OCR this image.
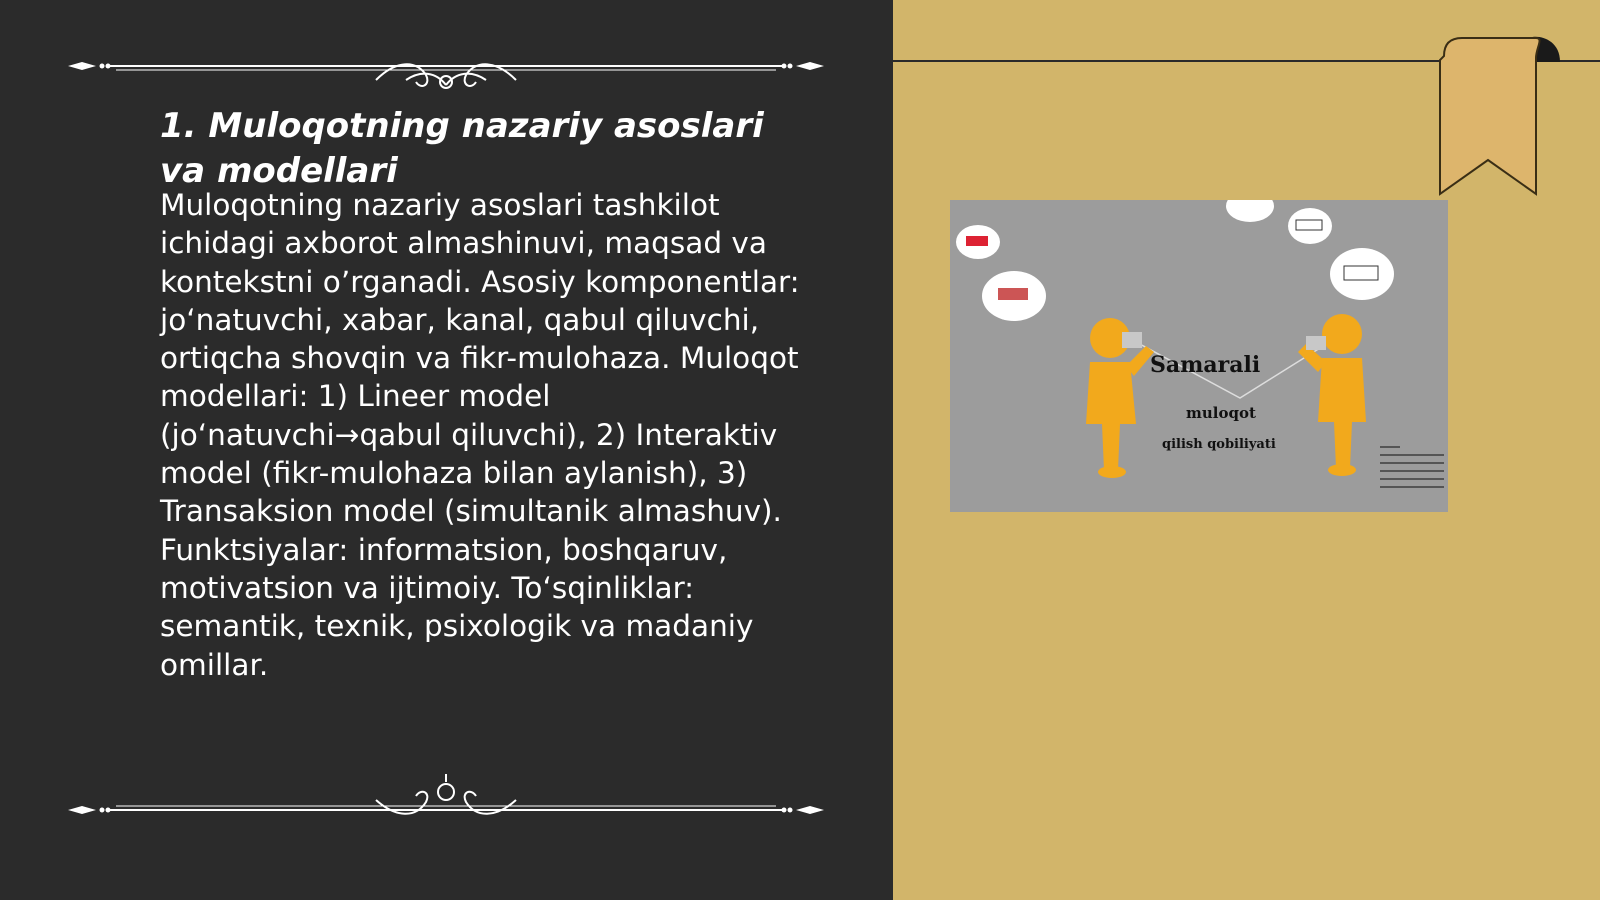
1. Muloqotning nazariy asoslari va modellari

Muloqotning nazariy asoslari tashkilot ichidagi axborot almashinuvi, maqsad va kontekstni o’rganadi. Asosiy komponentlar: jo‘natuvchi, xabar, kanal, qabul qiluvchi, ortiqcha shovqin va fikr-mulohaza. Muloqot modellari: 1) Lineer model (jo‘natuvchi→qabul qiluvchi), 2) Interaktiv model (fikr-mulohaza bilan aylanish), 3) Transaksion model (simultanik almashuv). Funktsiyalar: informatsion, boshqaruv, motivatsion va ijtimoiy. To‘sqinliklar: semantik, texnik, psixologik va madaniy omillar.

Samarali
muloqot
qilish qobiliyati
